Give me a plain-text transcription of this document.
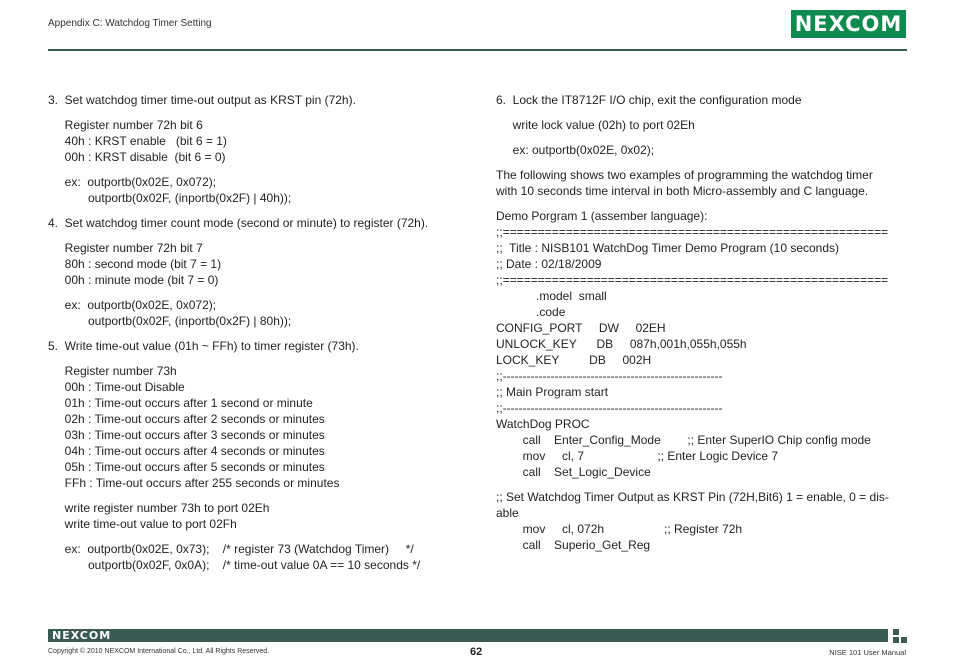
Appendix C: Watchdog Timer Setting	NEXCOM
3.  Set watchdog timer time-out output as KRST pin (72h).
Register number 72h bit 6
40h : KRST enable   (bit 6 = 1)
00h : KRST disable  (bit 6 = 0)
ex:  outportb(0x02E, 0x072);
outportb(0x02F, (inportb(0x2F) | 40h));
4.  Set watchdog timer count mode (second or minute) to register (72h).
Register number 72h bit 7
80h : second mode (bit 7 = 1)
00h : minute mode (bit 7 = 0)
ex:  outportb(0x02E, 0x072);
outportb(0x02F, (inportb(0x2F) | 80h));
5.  Write time-out value (01h ~ FFh) to timer register (73h).
Register number 73h
00h : Time-out Disable
01h : Time-out occurs after 1 second or minute
02h : Time-out occurs after 2 seconds or minutes
03h : Time-out occurs after 3 seconds or minutes
04h : Time-out occurs after 4 seconds or minutes
05h : Time-out occurs after 5 seconds or minutes
FFh : Time-out occurs after 255 seconds or minutes
write register number 73h to port 02Eh
write time-out value to port 02Fh
ex:  outportb(0x02E, 0x73);    /* register 73 (Watchdog Timer)     */
outportb(0x02F, 0x0A);    /* time-out value 0A == 10 seconds */
6.  Lock the IT8712F I/O chip, exit the configuration mode
write lock value (02h) to port 02Eh
ex: outportb(0x02E, 0x02);
The following shows two examples of programming the watchdog timer
with 10 seconds time interval in both Micro-assembly and C language.
Demo Porgram 1 (assember language):
;;=======================================================
;;  Title : NISB101 WatchDog Timer Demo Program (10 seconds)
;; Date : 02/18/2009
;;=======================================================
.model  small
.code
CONFIG_PORT     DW     02EH
UNLOCK_KEY      DB     087h,001h,055h,055h
LOCK_KEY         DB     002H
;;-------------------------------------------------------
;; Main Program start
;;-------------------------------------------------------
WatchDog PROC
call    Enter_Config_Mode        ;; Enter SuperIO Chip config mode
mov     cl, 7                      ;; Enter Logic Device 7
call    Set_Logic_Device
;; Set Watchdog Timer Output as KRST Pin (72H,Bit6) 1 = enable, 0 = dis-
able
mov     cl, 072h                  ;; Register 72h
call    Superio_Get_Reg
NEXCOM
Copyright © 2010 NEXCOM International Co., Ltd. All Rights Reserved.	62	NISE 101 User Manual
